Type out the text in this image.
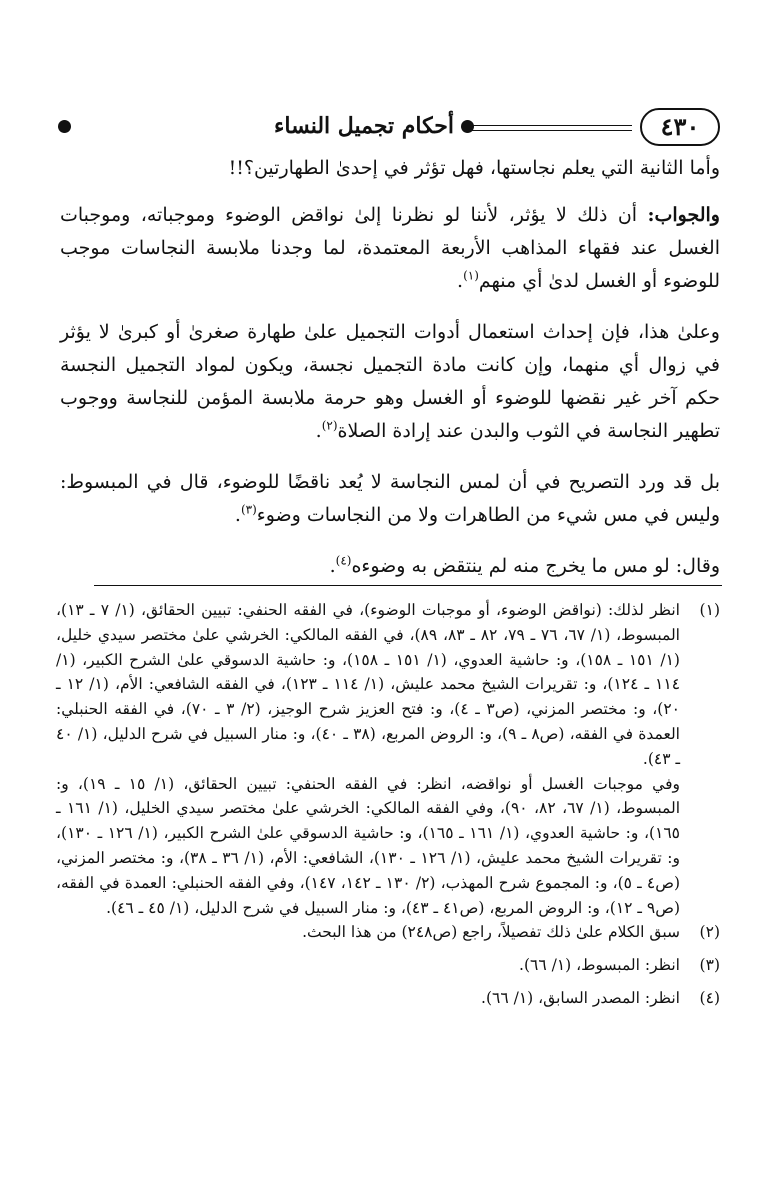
٤٣٠
أحكام تجميل النساء

وأما الثانية التي يعلم نجاستها، فهل تؤثر في إحدىٰ الطهارتين؟!!

والجواب: أن ذلك لا يؤثر، لأننا لو نظرنا إلىٰ نواقض الوضوء وموجباته، وموجبات الغسل عند فقهاء المذاهب الأربعة المعتمدة، لما وجدنا ملابسة النجاسات موجب للوضوء أو الغسل لدىٰ أي منهم$^{(١)}$.

وعلىٰ هذا، فإن إحداث استعمال أدوات التجميل علىٰ طهارة صغرىٰ أو كبرىٰ لا يؤثر في زوال أي منهما، وإن كانت مادة التجميل نجسة، ويكون لمواد التجميل النجسة حكم آخر غير نقضها للوضوء أو الغسل وهو حرمة ملابسة المؤمن للنجاسة ووجوب تطهير النجاسة في الثوب والبدن عند إرادة الصلاة$^{(٢)}$.

بل قد ورد التصريح في أن لمس النجاسة لا يُعد ناقضًا للوضوء، قال في المبسوط: وليس في مس شيء من الطاهرات ولا من النجاسات وضوء$^{(٣)}$.

وقال: لو مس ما يخرج منه لم ينتقض به وضوءه$^{(٤)}$.

(١)
انظر لذلك: (نواقض الوضوء، أو موجبات الوضوء)، في الفقه الحنفي: تبيين الحقائق، (١/ ٧ ـ ١٣)، المبسوط، (١/ ٦٧، ٧٦ ـ ٧٩، ٨٢ ـ ٨٣، ٨٩)، في الفقه المالكي: الخرشي علىٰ مختصر سيدي خليل، (١/ ١٥١ ـ ١٥٨)، و: حاشية العدوي، (١/ ١٥١ ـ ١٥٨)، و: حاشية الدسوقي علىٰ الشرح الكبير، (١/ ١١٤ ـ ١٢٤)، و: تقريرات الشيخ محمد عليش، (١/ ١١٤ ـ ١٢٣)، في الفقه الشافعي: الأم، (١/ ١٢ ـ ٢٠)، و: مختصر المزني، (ص٣ ـ ٤)، و: فتح العزيز شرح الوجيز، (٢/ ٣ ـ ٧٠)، في الفقه الحنبلي: العمدة في الفقه، (ص٨ ـ ٩)، و: الروض المربع، (٣٨ ـ ٤٠)، و: منار السبيل في شرح الدليل، (١/ ٤٠ ـ ٤٣).

وفي موجبات الغسل أو نواقضه، انظر: في الفقه الحنفي: تبيين الحقائق، (١/ ١٥ ـ ١٩)، و: المبسوط، (١/ ٦٧، ٨٢، ٩٠)، وفي الفقه المالكي: الخرشي علىٰ مختصر سيدي الخليل، (١/ ١٦١ ـ ١٦٥)، و: حاشية العدوي، (١/ ١٦١ ـ ١٦٥)، و: حاشية الدسوقي علىٰ الشرح الكبير، (١/ ١٢٦ ـ ١٣٠)، و: تقريرات الشيخ محمد عليش، (١/ ١٢٦ ـ ١٣٠)، الشافعي: الأم، (١/ ٣٦ ـ ٣٨)، و: مختصر المزني، (ص٤ ـ ٥)، و: المجموع شرح المهذب، (٢/ ١٣٠ ـ ١٤٢، ١٤٧)، وفي الفقه الحنبلي: العمدة في الفقه، (ص٩ ـ ١٢)، و: الروض المربع، (ص٤١ ـ ٤٣)، و: منار السبيل في شرح الدليل، (١/ ٤٥ ـ ٤٦).

(٢)
سبق الكلام علىٰ ذلك تفصيلاً، راجع (ص٢٤٨) من هذا البحث.

(٣)
انظر: المبسوط، (١/ ٦٦).

(٤)
انظر: المصدر السابق، (١/ ٦٦).
